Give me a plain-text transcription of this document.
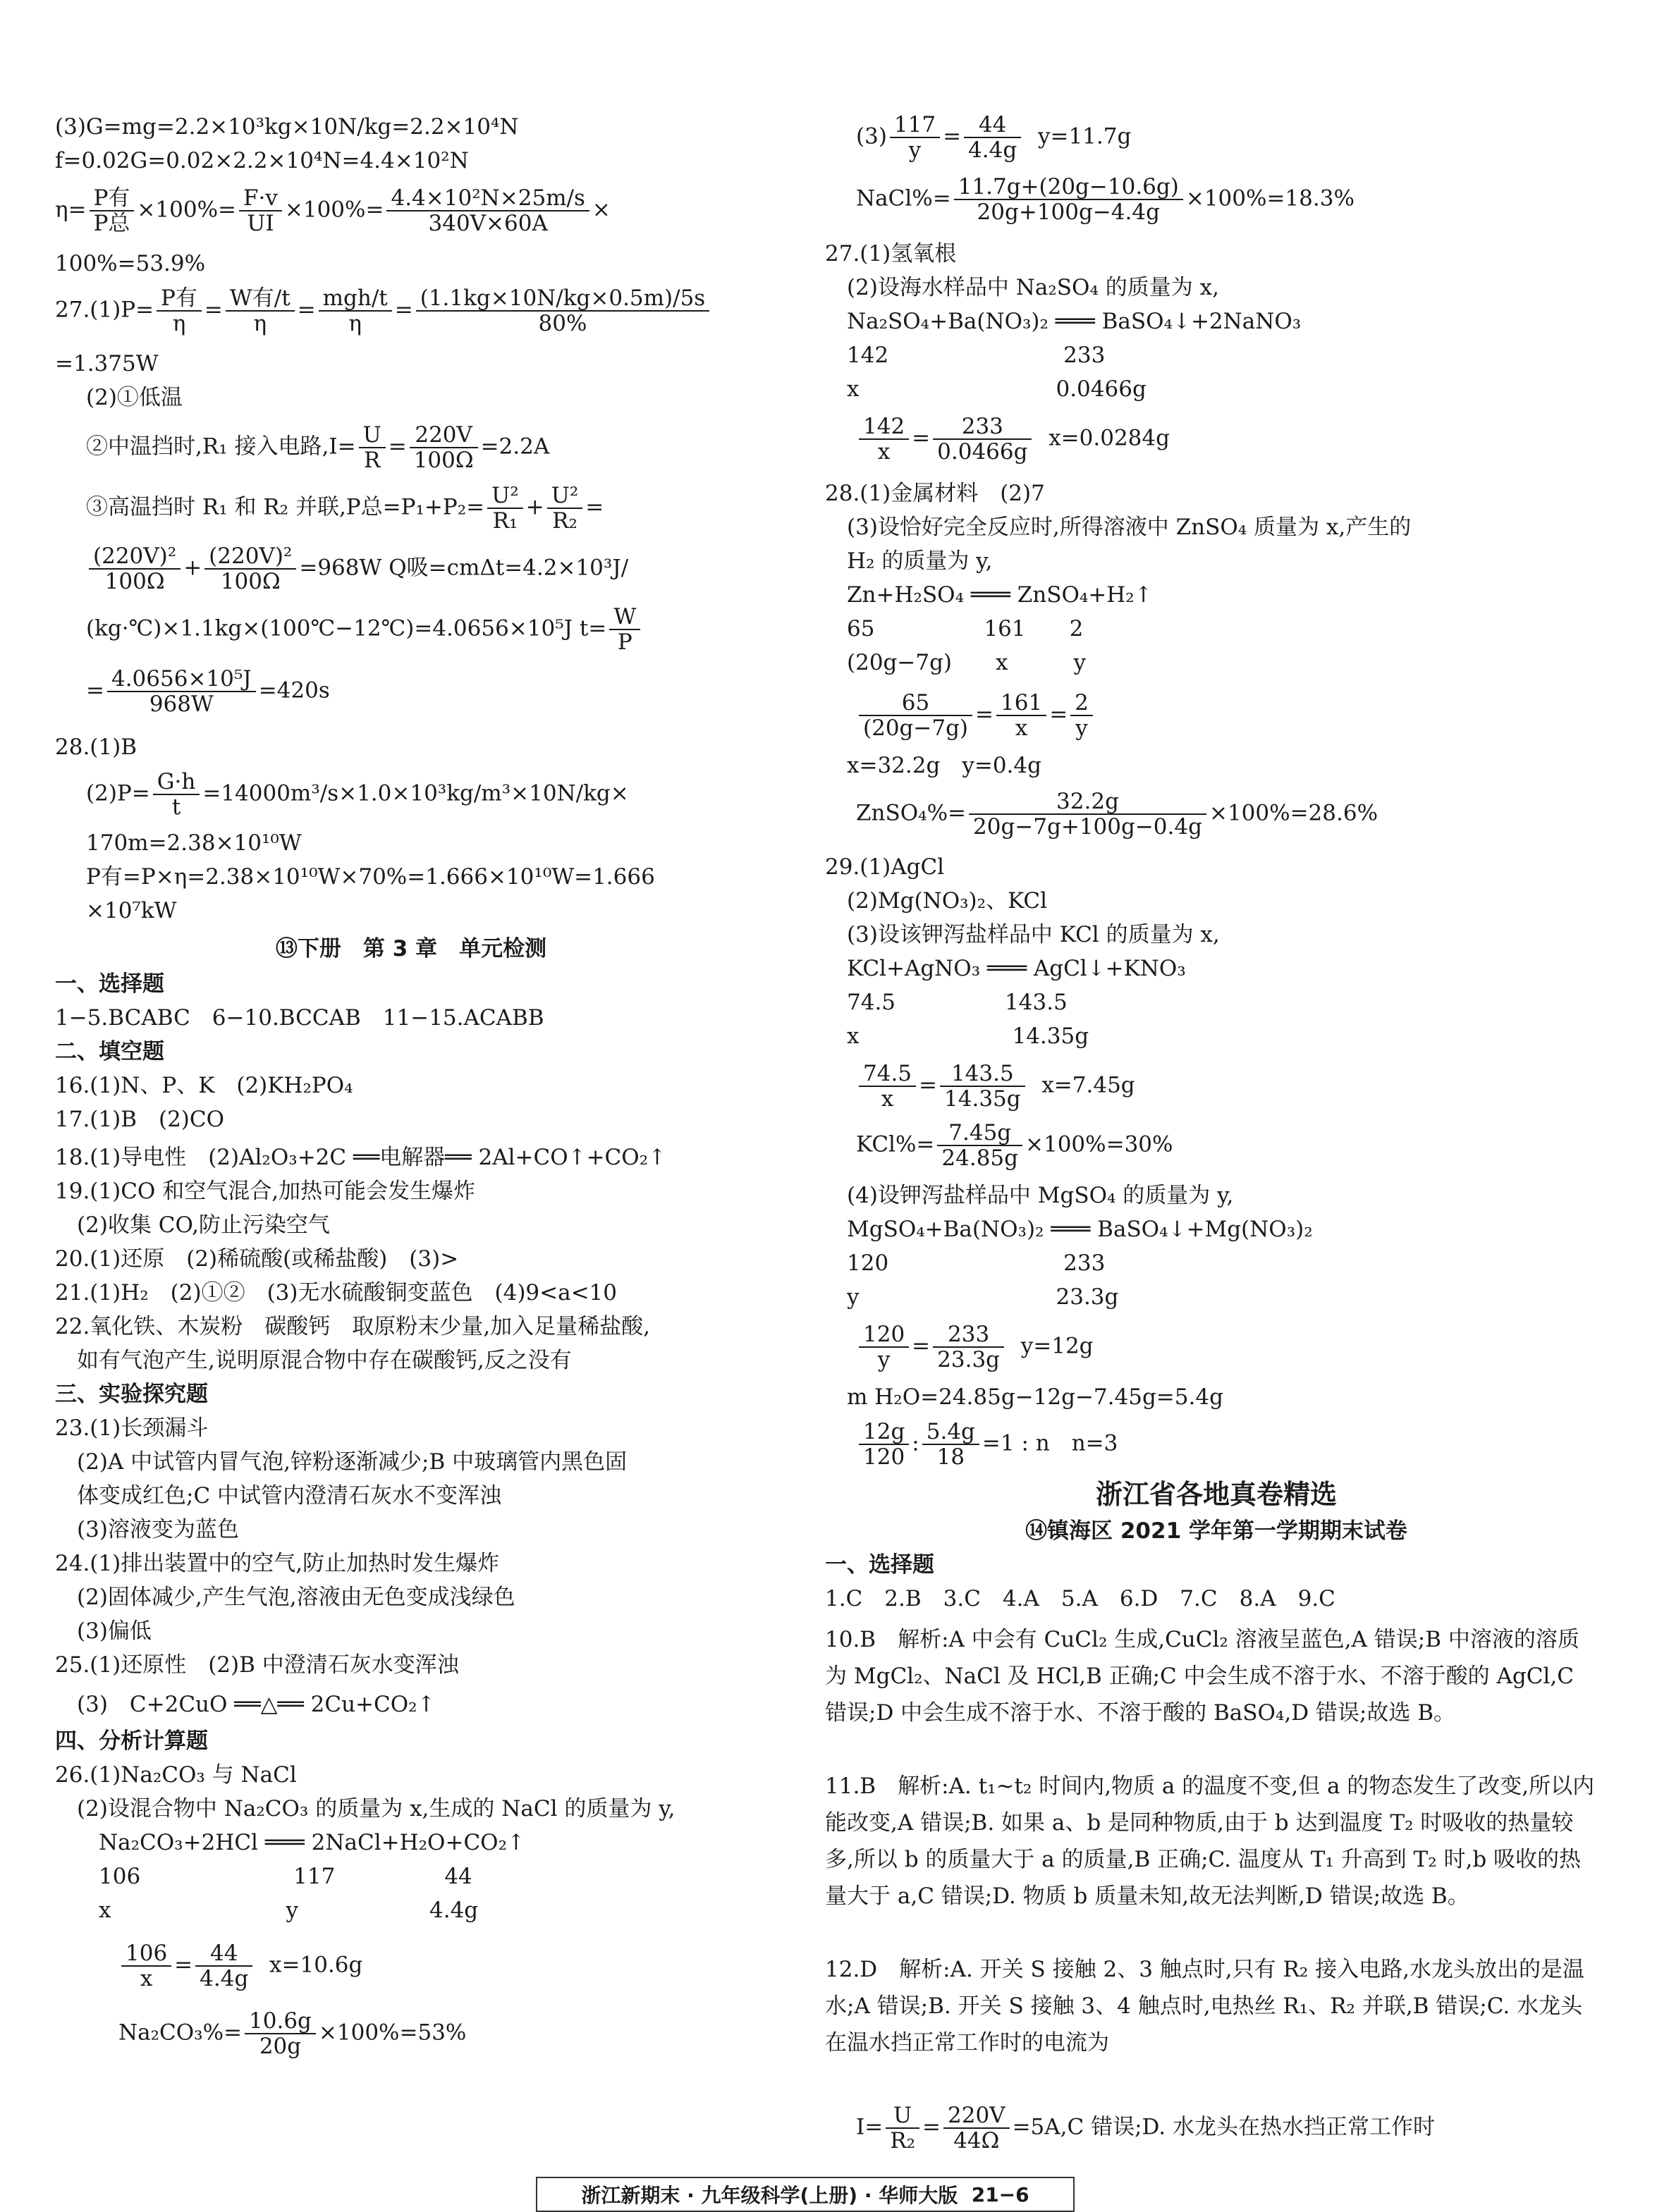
(3)G=mg=2.2×10³kg×10N/kg=2.2×10⁴N
f=0.02G=0.02×2.2×10⁴N=4.4×10²N
$\eta= \frac{\text{P有}}{\text{P总}} \times 100\%= \frac{F\cdot v}{UI} \times 100\%= \frac{\text{4.4×10²N×25m/s}}{340V\times 60A}$ ×
100%=53.9%
$27.(1)P= \frac{\text{P有}}{\eta} = \frac{\text{W有/t}}{\eta} = \frac{\text{mgh/t}}{\eta} = \frac{(1.1kg\times 10N/kg\times 0.5m)/5s}{80\%}$
=1.375W
(2)①低温
②中温挡时,R₁ 接入电路$,I= \frac{U}{R} = \frac{220V}{100\Omega} =2.2A$
③高温挡时 R₁ 和 R₂ 并联,P总$=P_1+P_2= \frac{\text{U²}}{\text{R₁}} + \frac{\text{U²}}{\text{R₂}}$ =
$\frac{\text{(220V)²}}{100\Omega} + \frac{\text{(220V)²}}{100\Omega} =968W$ Q吸=cmΔt=4.2×10³J/
(kg·℃)×1.1kg×(100℃−12℃)=4.0656×10⁵J $t= \frac{W}{P}$
= $\frac{\text{4.0656×10⁵J}}{968W} =420s$
28.(1)B
$(2)P= \frac{G\cdot h}{t} =14000m^3/s\times 1.0\times 10^3kg/m^3\times 10N/kg\times$
170m=2.38×10¹⁰W
P有=P×η=2.38×10¹⁰W×70%=1.666×10¹⁰W=1.666
×10⁷kW
⑬下册　第 3 章　单元检测
一、选择题
1−5.BCABC　6−10.BCCAB　11−15.ACABB
二、填空题
16.(1)N、P、K　(2)KH₂PO₄
17.(1)B　(2)CO
18.(1)导电性　(2)Al₂O₃+2C ══电解器══ 2Al+CO↑+CO₂↑
19.(1)CO 和空气混合,加热可能会发生爆炸
　(2)收集 CO,防止污染空气
20.(1)还原　(2)稀硫酸(或稀盐酸)　(3)>
21.(1)H₂　(2)①②　(3)无水硫酸铜变蓝色　(4)9<a<10
22.氧化铁、木炭粉　碳酸钙　取原粉末少量,加入足量稀盐酸,
　如有气泡产生,说明原混合物中存在碳酸钙,反之没有
三、实验探究题
23.(1)长颈漏斗
　(2)A 中试管内冒气泡,锌粉逐渐减少;B 中玻璃管内黑色固
　体变成红色;C 中试管内澄清石灰水不变浑浊
　(3)溶液变为蓝色
24.(1)排出装置中的空气,防止加热时发生爆炸
　(2)固体减少,产生气泡,溶液由无色变成浅绿色
　(3)偏低
25.(1)还原性　(2)B 中澄清石灰水变浑浊
　(3)　C+2CuO ══△══ 2Cu+CO₂↑
四、分析计算题
26.(1)Na₂CO₃ 与 NaCl
　(2)设混合物中 Na₂CO₃ 的质量为 x,生成的 NaCl 的质量为 y,
　　Na₂CO₃+2HCl ═══ 2NaCl+H₂O+CO₂↑
　　106　　　　　　　117　　　　　44
　　x　　　　　　　　y　　　　　　4.4g
$\frac{106}{x} = \frac{44}{4.4g} x=10.6g$
$Na_2CO_3\%= \frac{10.6g}{20g} \times 100\%=53\%$
$(3) \frac{117}{y} = \frac{44}{4.4g} y=11.7g$
NaCl%= $\frac{11.7g+(20g-10.6g)}{20g+100g-4.4g} \times 100\%=18.3\%$
27.(1)氢氧根
　(2)设海水样品中 Na₂SO₄ 的质量为 x,
　Na₂SO₄+Ba(NO₃)₂ ═══ BaSO₄↓+2NaNO₃
　142　　　　　　　　233
　x　　　　　　　　　0.0466g
$\frac{142}{x} = \frac{233}{0.0466g} x=0.0284g$
28.(1)金属材料　(2)7
　(3)设恰好完全反应时,所得溶液中 ZnSO₄ 质量为 x,产生的
　H₂ 的质量为 y,
　Zn+H₂SO₄ ═══ ZnSO₄+H₂↑
　65　　　　　161　　2
　(20g−7g)　　x　　　y
$\frac{65}{(20g-7g)} = \frac{161}{x} = \frac{2}{y}$
　x=32.2g　y=0.4g
ZnSO₄%= $\frac{32.2g}{20g-7g+100g-0.4g} \times 100\%=28.6\%$
29.(1)AgCl
　(2)Mg(NO₃)₂、KCl
　(3)设该钾泻盐样品中 KCl 的质量为 x,
　KCl+AgNO₃ ═══ AgCl↓+KNO₃
　74.5　　　　　143.5
　x　　　　　　　14.35g
$\frac{74.5}{x} = \frac{143.5}{14.35g} x=7.45g$
$KCl\%= \frac{7.45g}{24.85g} \times 100\%=30\%$
　(4)设钾泻盐样品中 MgSO₄ 的质量为 y,
　MgSO₄+Ba(NO₃)₂ ═══ BaSO₄↓+Mg(NO₃)₂
　120　　　　　　　　233
　y　　　　　　　　　23.3g
$\frac{120}{y} = \frac{233}{23.3g} y=12g$
　m H₂O=24.85g−12g−7.45g=5.4g
$\frac{12g}{120}$ : $\frac{5.4g}{18} =1$ : n　n=3
浙江省各地真卷精选
⑭镇海区 2021 学年第一学期期末试卷
一、选择题
1.C　2.B　3.C　4.A　5.A　6.D　7.C　8.A　9.C
10.B　解析:A 中会有 CuCl₂ 生成,CuCl₂ 溶液呈蓝色,A 错误;B 中溶液的溶质为 MgCl₂、NaCl 及 HCl,B 正确;C 中会生成不溶于水、不溶于酸的 AgCl,C 错误;D 中会生成不溶于水、不溶于酸的 BaSO₄,D 错误;故选 B。
11.B　解析:A. t₁~t₂ 时间内,物质 a 的温度不变,但 a 的物态发生了改变,所以内能改变,A 错误;B. 如果 a、b 是同种物质,由于 b 达到温度 T₂ 时吸收的热量较多,所以 b 的质量大于 a 的质量,B 正确;C. 温度从 T₁ 升高到 T₂ 时,b 吸收的热量大于 a,C 错误;D. 物质 b 质量未知,故无法判断,D 错误;故选 B。
12.D　解析:A. 开关 S 接触 2、3 触点时,只有 R₂ 接入电路,水龙头放出的是温水;A 错误;B. 开关 S 接触 3、4 触点时,电热丝 R₁、R₂ 并联,B 错误;C. 水龙头在温水挡正常工作时的电流为
$I= \frac{U}{\text{R₂}} = \frac{220V}{44\Omega} =5A,C$ 错误;D. 水龙头在热水挡正常工作时
浙江新期末 · 九年级科学(上册) · 华师大版
21−6
